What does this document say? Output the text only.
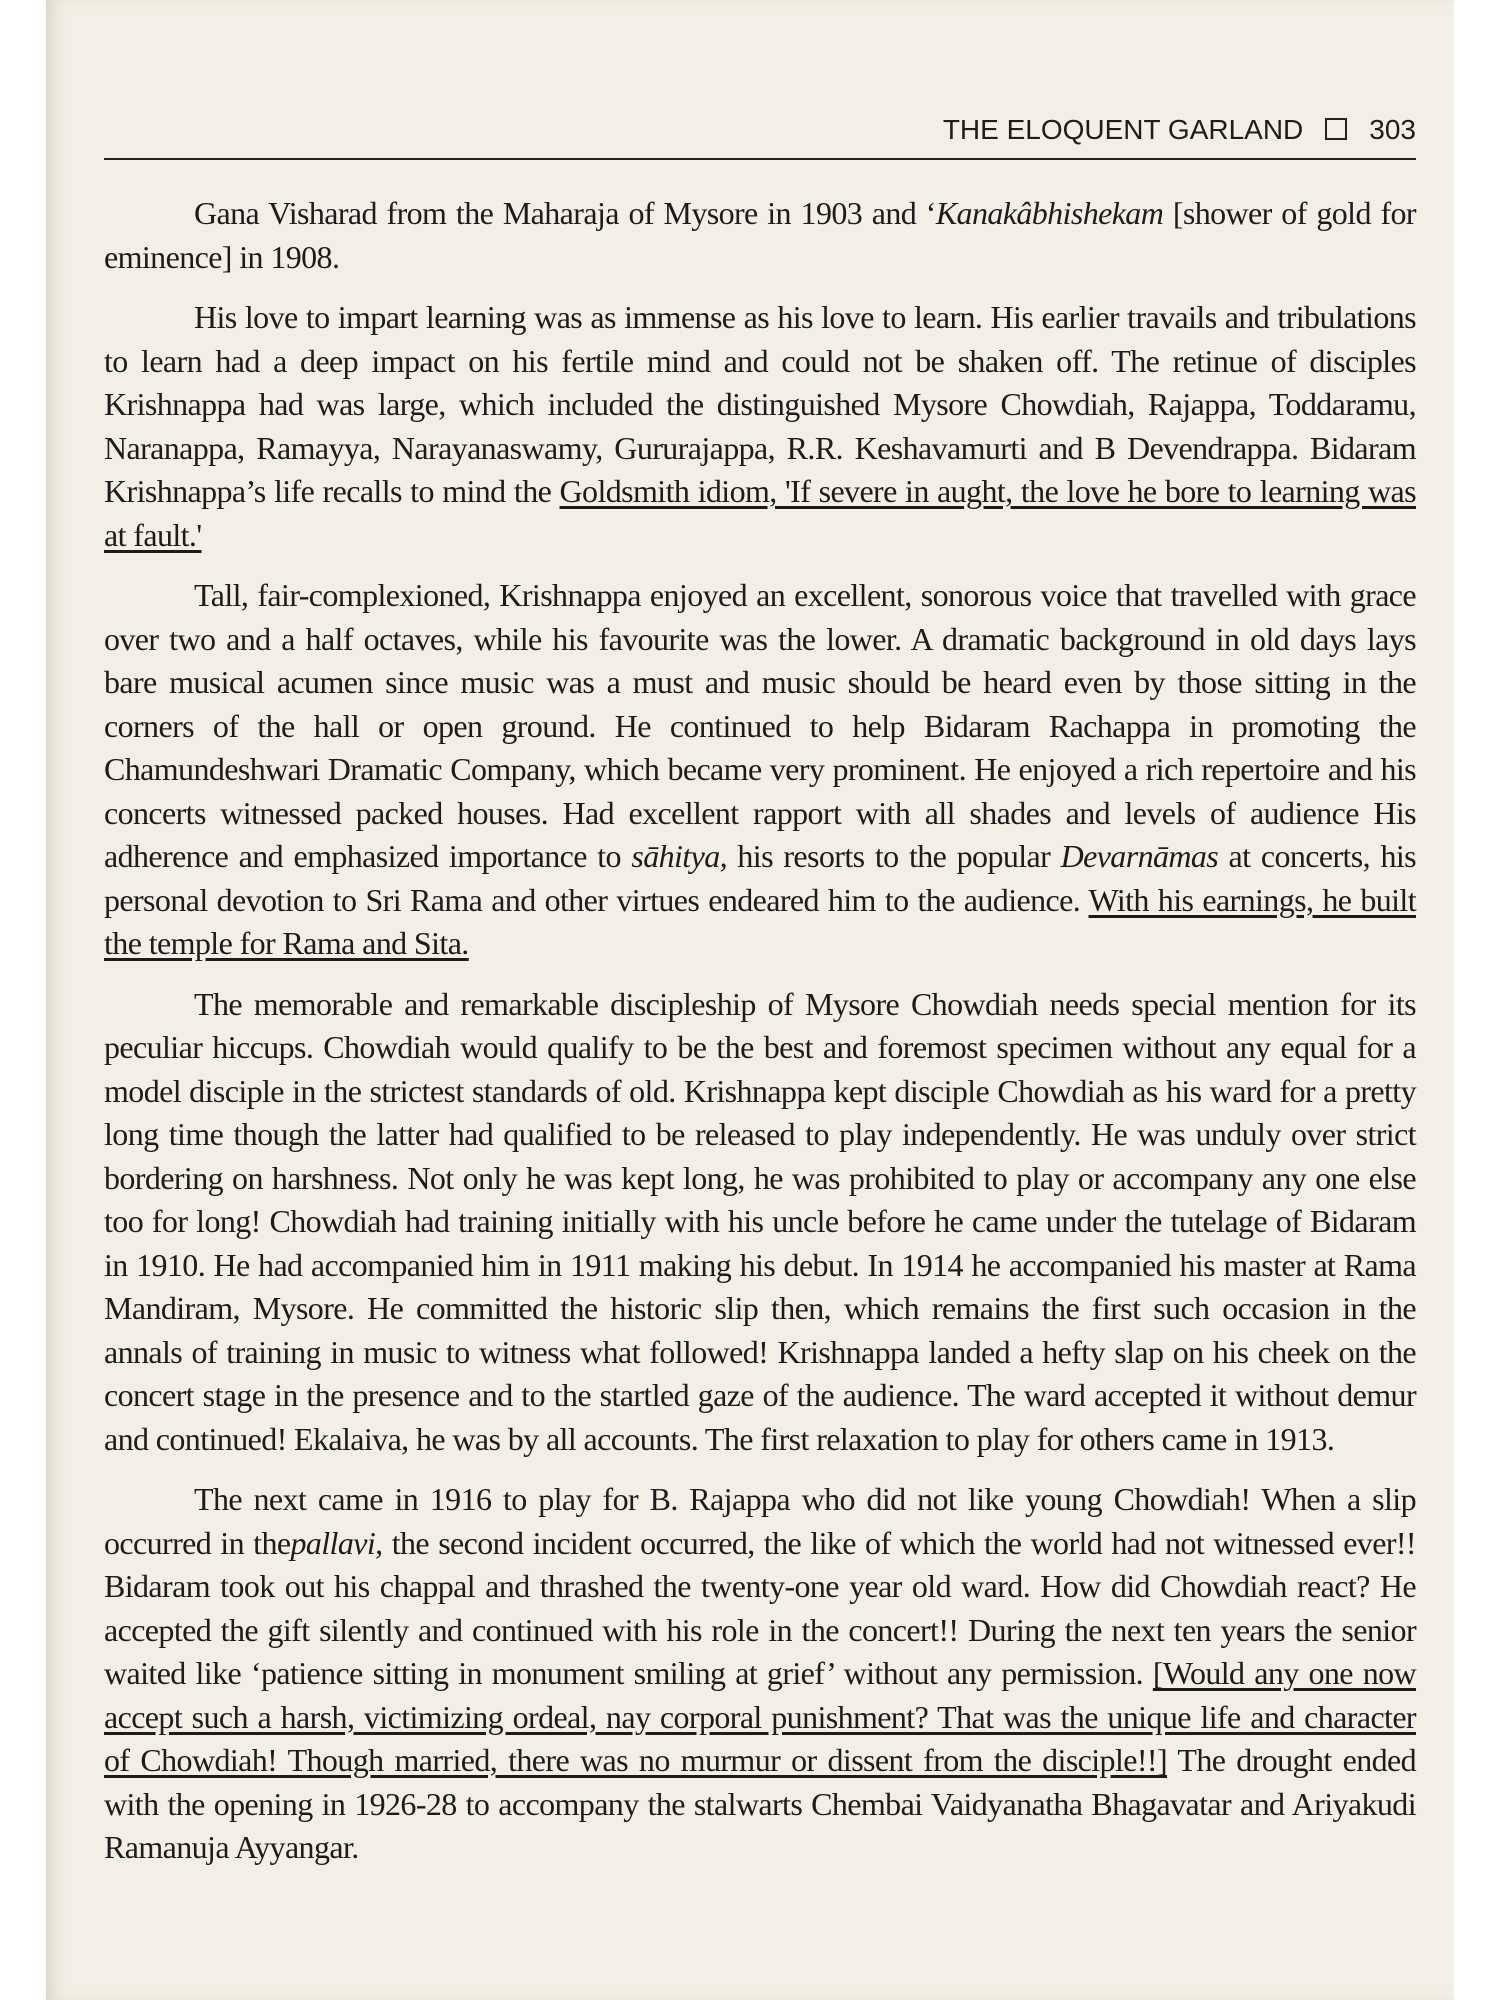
THE ELOQUENT GARLAND 303

Gana Visharad from the Maharaja of Mysore in 1903 and ‘Kanakâbhishekam [shower of gold for eminence] in 1908.

His love to impart learning was as immense as his love to learn. His earlier travails and tribulations to learn had a deep impact on his fertile mind and could not be shaken off. The retinue of disciples Krishnappa had was large, which included the distinguished Mysore Chowdiah, Rajappa, Toddaramu, Naranappa, Ramayya, Narayanaswamy, Gururajappa, R.R. Keshavamurti and B Devendrappa. Bidaram Krishnappa’s life recalls to mind the Goldsmith idiom, 'If severe in aught, the love he bore to learning was at fault.'

Tall, fair-complexioned, Krishnappa enjoyed an excellent, sonorous voice that travelled with grace over two and a half octaves, while his favourite was the lower. A dramatic background in old days lays bare musical acumen since music was a must and music should be heard even by those sitting in the corners of the hall or open ground. He continued to help Bidaram Rachappa in promoting the Chamundeshwari Dramatic Company, which became very prominent. He enjoyed a rich repertoire and his concerts witnessed packed houses. Had excellent rapport with all shades and levels of audience His adherence and emphasized importance to sāhitya, his resorts to the popular Devarnāmas at concerts, his personal devotion to Sri Rama and other virtues endeared him to the audience. With his earnings, he built the temple for Rama and Sita.

The memorable and remarkable discipleship of Mysore Chowdiah needs special mention for its peculiar hiccups. Chowdiah would qualify to be the best and foremost specimen without any equal for a model disciple in the strictest standards of old. Krishnappa kept disciple Chowdiah as his ward for a pretty long time though the latter had qualified to be released to play independently. He was unduly over strict bordering on harshness. Not only he was kept long, he was prohibited to play or accompany any one else too for long! Chowdiah had training initially with his uncle before he came under the tutelage of Bidaram in 1910. He had accompanied him in 1911 making his debut. In 1914 he accompanied his master at Rama Mandiram, Mysore. He committed the historic slip then, which remains the first such occasion in the annals of training in music to witness what followed! Krishnappa landed a hefty slap on his cheek on the concert stage in the presence and to the startled gaze of the audience. The ward accepted it without demur and continued! Ekalaiva, he was by all accounts. The first relaxation to play for others came in 1913.

The next came in 1916 to play for B. Rajappa who did not like young Chowdiah! When a slip occurred in thepallavi, the second incident occurred, the like of which the world had not witnessed ever!! Bidaram took out his chappal and thrashed the twenty-one year old ward. How did Chowdiah react? He accepted the gift silently and continued with his role in the concert!! During the next ten years the senior waited like ‘patience sitting in monument smiling at grief’ without any permission. [Would any one now accept such a harsh, victimizing ordeal, nay corporal punishment? That was the unique life and character of Chowdiah! Though married, there was no murmur or dissent from the disciple!!] The drought ended with the opening in 1926-28 to accompany the stalwarts Chembai Vaidyanatha Bhagavatar and Ariyakudi Ramanuja Ayyangar.
